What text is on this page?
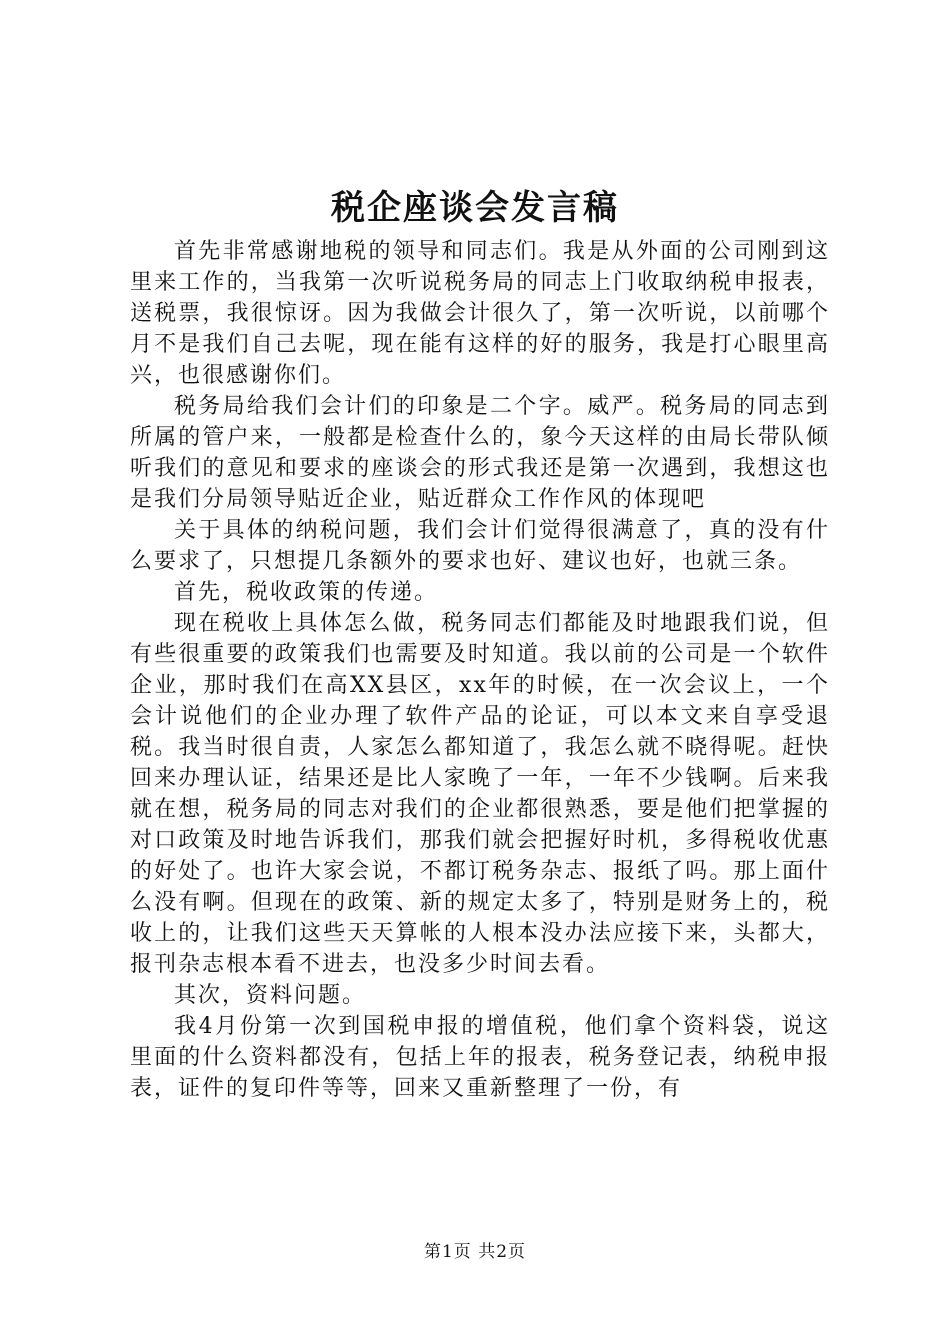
税企座谈会发言稿

首先非常感谢地税的领导和同志们。我是从外面的公司刚到这里来工作的，当我第一次听说税务局的同志上门收取纳税申报表，送税票，我很惊讶。因为我做会计很久了，第一次听说，以前哪个月不是我们自己去呢，现在能有这样的好的服务，我是打心眼里高兴，也很感谢你们。

税务局给我们会计们的印象是二个字。威严。税务局的同志到所属的管户来，一般都是检查什么的，象今天这样的由局长带队倾听我们的意见和要求的座谈会的形式我还是第一次遇到，我想这也是我们分局领导贴近企业，贴近群众工作作风的体现吧

关于具体的纳税问题，我们会计们觉得很满意了，真的没有什么要求了，只想提几条额外的要求也好、建议也好，也就三条。

首先，税收政策的传递。

现在税收上具体怎么做，税务同志们都能及时地跟我们说，但有些很重要的政策我们也需要及时知道。我以前的公司是一个软件企业，那时我们在高XX县区，xx年的时候，在一次会议上，一个会计说他们的企业办理了软件产品的论证，可以本文来自享受退税。我当时很自责，人家怎么都知道了，我怎么就不晓得呢。赶快回来办理认证，结果还是比人家晚了一年，一年不少钱啊。后来我就在想，税务局的同志对我们的企业都很熟悉，要是他们把掌握的对口政策及时地告诉我们，那我们就会把握好时机，多得税收优惠的好处了。也许大家会说，不都订税务杂志、报纸了吗。那上面什么没有啊。但现在的政策、新的规定太多了，特别是财务上的，税收上的，让我们这些天天算帐的人根本没办法应接下来，头都大，报刊杂志根本看不进去，也没多少时间去看。

其次，资料问题。

我4月份第一次到国税申报的增值税，他们拿个资料袋，说这里面的什么资料都没有，包括上年的报表，税务登记表，纳税申报表，证件的复印件等等，回来又重新整理了一份，有

第1页 共2页
